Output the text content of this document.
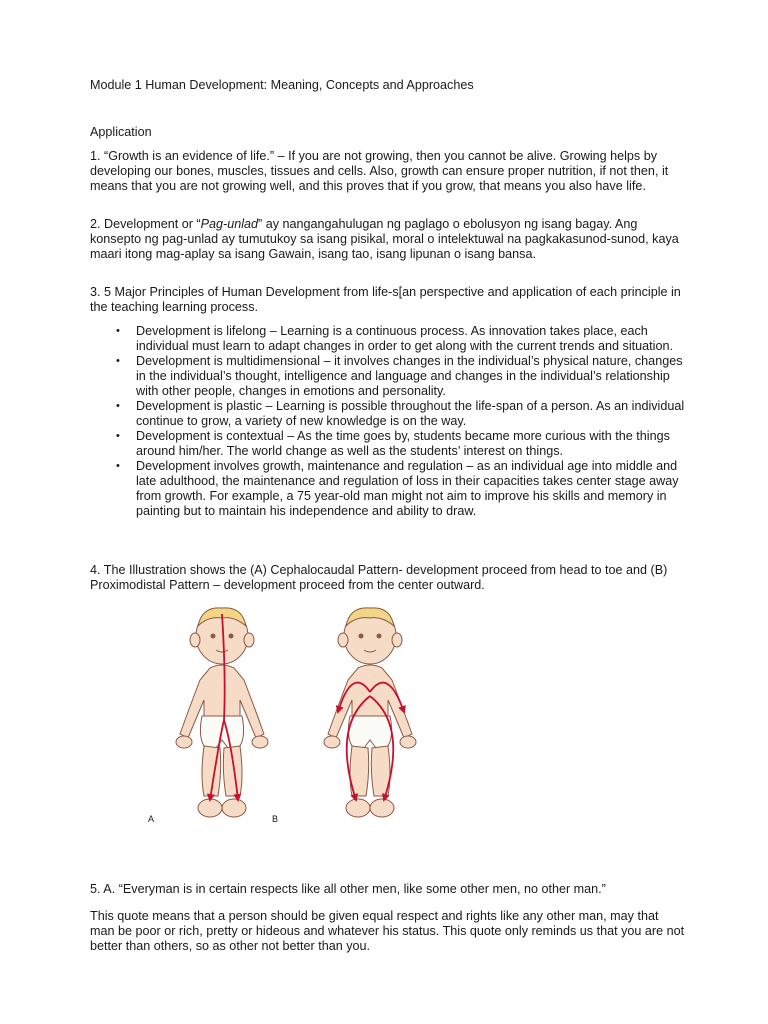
Module 1 Human Development: Meaning, Concepts and Approaches

Application

1. “Growth is an evidence of life.” – If you are not growing, then you cannot be alive. Growing helps by developing our bones, muscles, tissues and cells. Also, growth can ensure proper nutrition, if not then, it means that you are not growing well, and this proves that if you grow, that means you also have life.

2. Development or “Pag-unlad” ay nangangahulugan ng paglago o ebolusyon ng isang bagay. Ang konsepto ng pag-unlad ay tumutukoy sa isang pisikal, moral o intelektuwal na pagkakasunod-sunod, kaya maari itong mag-aplay sa isang Gawain, isang tao, isang lipunan o isang bansa.

3. 5 Major Principles of Human Development from life-s[an perspective and application of each principle in the teaching learning process.

• Development is lifelong – Learning is a continuous process. As innovation takes place, each individual must learn to adapt changes in order to get along with the current trends and situation.
• Development is multidimensional – it involves changes in the individual’s physical nature, changes in the individual’s thought, intelligence and language and changes in the individual’s relationship with other people, changes in emotions and personality.
• Development is plastic – Learning is possible throughout the life-span of a person. As an individual continue to grow, a variety of new knowledge is on the way.
• Development is contextual – As the time goes by, students became more curious with the things around him/her. The world change as well as the students’ interest on things.
• Development involves growth, maintenance and regulation – as an individual age into middle and late adulthood, the maintenance and regulation of loss in their capacities takes center stage away from growth. For example, a 75 year-old man might not aim to improve his skills and memory in painting but to maintain his independence and ability to draw.

4. The Illustration shows the (A) Cephalocaudal Pattern- development proceed from head to toe and (B) Proximodistal Pattern – development proceed from the center outward.

A	B

5. A. “Everyman is in certain respects like all other men, like some other men, no other man.”

This quote means that a person should be given equal respect and rights like any other man, may that man be poor or rich, pretty or hideous and whatever his status. This quote only reminds us that you are not better than others, so as other not better than you.
